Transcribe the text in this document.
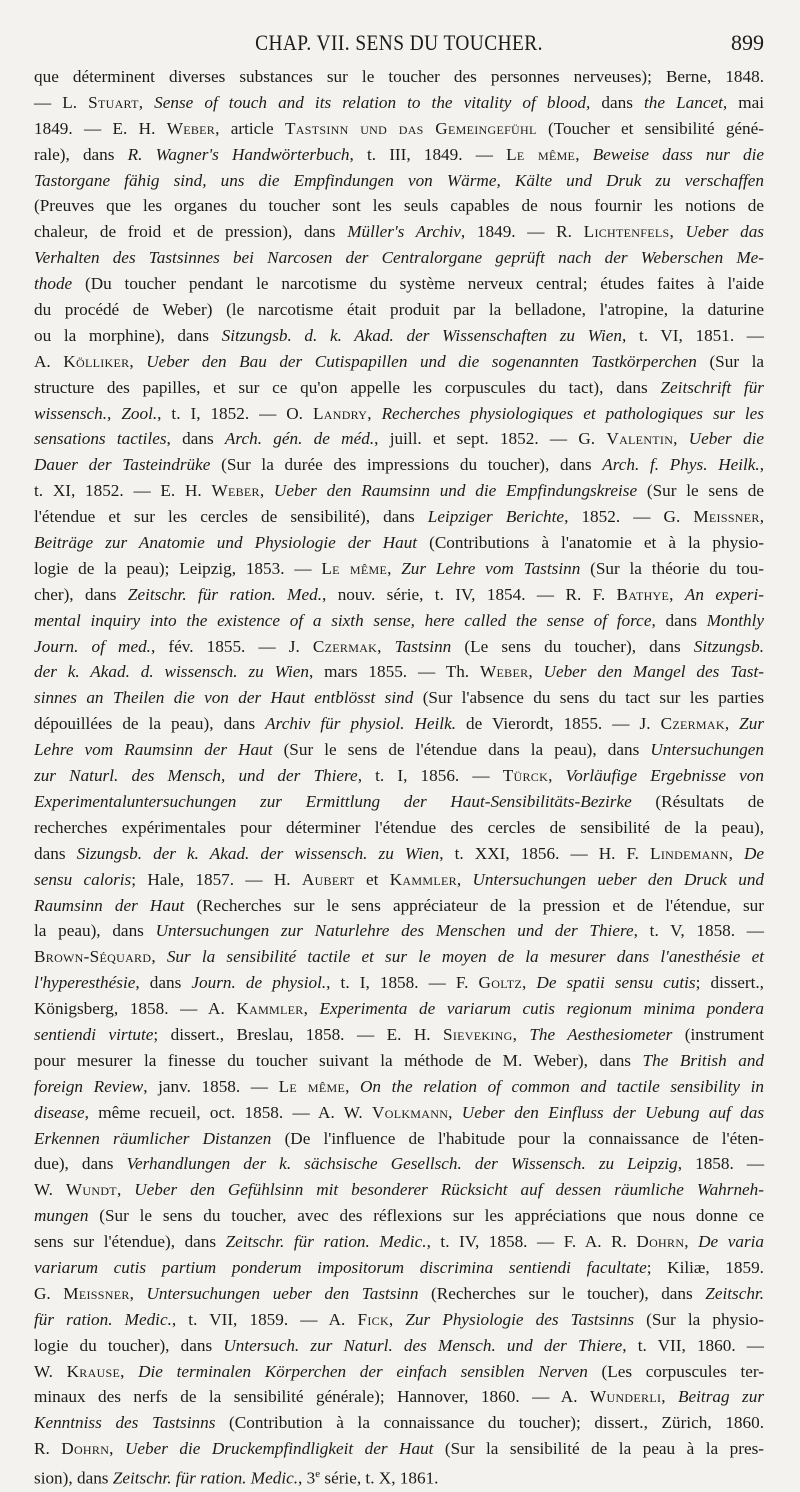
CHAP. VII. SENS DU TOUCHER.	899
que déterminent diverses substances sur le toucher des personnes nerveuses); Berne, 1848.
— L. Stuart, Sense of touch and its relation to the vitality of blood, dans the Lancet, mai
1849. — E. H. Weber, article Tastsinn und das Gemeingefühl (Toucher et sensibilité géné-
rale), dans R. Wagner's Handwörterbuch, t. III, 1849. — Le même, Beweise dass nur die
Tastorgane fähig sind, uns die Empfindungen von Wärme, Kälte und Druk zu verschaffen
(Preuves que les organes du toucher sont les seuls capables de nous fournir les notions de
chaleur, de froid et de pression), dans Müller's Archiv, 1849. — R. Lichtenfels, Ueber das
Verhalten des Tastsinnes bei Narcosen der Centralorgane geprüft nach der Weberschen Me-
thode (Du toucher pendant le narcotisme du système nerveux central; études faites à l'aide
du procédé de Weber) (le narcotisme était produit par la belladone, l'atropine, la daturine
ou la morphine), dans Sitzungsb. d. k. Akad. der Wissenschaften zu Wien, t. VI, 1851. —
A. Kölliker, Ueber den Bau der Cutispapillen und die sogenannten Tastkörperchen (Sur la
structure des papilles, et sur ce qu'on appelle les corpuscules du tact), dans Zeitschrift für
wissensch., Zool., t. I, 1852. — O. Landry, Recherches physiologiques et pathologiques sur les
sensations tactiles, dans Arch. gén. de méd., juill. et sept. 1852. — G. Valentin, Ueber die
Dauer der Tasteindrüke (Sur la durée des impressions du toucher), dans Arch. f. Phys. Heilk.,
t. XI, 1852. — E. H. Weber, Ueber den Raumsinn und die Empfindungskreise (Sur le sens de
l'étendue et sur les cercles de sensibilité), dans Leipziger Berichte, 1852. — G. Meissner,
Beiträge zur Anatomie und Physiologie der Haut (Contributions à l'anatomie et à la physio-
logie de la peau); Leipzig, 1853. — Le même, Zur Lehre vom Tastsinn (Sur la théorie du tou-
cher), dans Zeitschr. für ration. Med., nouv. série, t. IV, 1854. — R. F. Bathye, An experi-
mental inquiry into the existence of a sixth sense, here called the sense of force, dans Monthly
Journ. of med., fév. 1855. — J. Czermak, Tastsinn (Le sens du toucher), dans Sitzungsb.
der k. Akad. d. wissensch. zu Wien, mars 1855. — Th. Weber, Ueber den Mangel des Tast-
sinnes an Theilen die von der Haut entblösst sind (Sur l'absence du sens du tact sur les parties
dépouillées de la peau), dans Archiv für physiol. Heilk. de Vierordt, 1855. — J. Czermak, Zur
Lehre vom Raumsinn der Haut (Sur le sens de l'étendue dans la peau), dans Untersuchungen
zur Naturl. des Mensch, und der Thiere, t. I, 1856. — Türck, Vorläufige Ergebnisse von
Experimentaluntersuchungen zur Ermittlung der Haut-Sensibilitäts-Bezirke (Résultats de
recherches expérimentales pour déterminer l'étendue des cercles de sensibilité de la peau),
dans Sizungsb. der k. Akad. der wissensch. zu Wien, t. XXI, 1856. — H. F. Lindemann, De
sensu caloris; Hale, 1857. — H. Aubert et Kammler, Untersuchungen ueber den Druck und
Raumsinn der Haut (Recherches sur le sens appréciateur de la pression et de l'étendue, sur
la peau), dans Untersuchungen zur Naturlehre des Menschen und der Thiere, t. V, 1858. —
Brown-Séquard, Sur la sensibilité tactile et sur le moyen de la mesurer dans l'anesthésie et
l'hyperesthésie, dans Journ. de physiol., t. I, 1858. — F. Goltz, De spatii sensu cutis; dissert.,
Königsberg, 1858. — A. Kammler, Experimenta de variarum cutis regionum minima pondera
sentiendi virtute; dissert., Breslau, 1858. — E. H. Sieveking, The Aesthesiometer (instrument
pour mesurer la finesse du toucher suivant la méthode de M. Weber), dans The British and
foreign Review, janv. 1858. — Le même, On the relation of common and tactile sensibility in
disease, même recueil, oct. 1858. — A. W. Volkmann, Ueber den Einfluss der Uebung auf das
Erkennen räumlicher Distanzen (De l'influence de l'habitude pour la connaissance de l'éten-
due), dans Verhandlungen der k. sächsische Gesellsch. der Wissensch. zu Leipzig, 1858. —
W. Wundt, Ueber den Gefühlsinn mit besonderer Rücksicht auf dessen räumliche Wahrneh-
mungen (Sur le sens du toucher, avec des réflexions sur les appréciations que nous donne ce
sens sur l'étendue), dans Zeitschr. für ration. Medic., t. IV, 1858. — F. A. R. Dohrn, De varia
variarum cutis partium ponderum impositorum discrimina sentiendi facultate; Kiliæ, 1859.
G. Meissner, Untersuchungen ueber den Tastsinn (Recherches sur le toucher), dans Zeitschr.
für ration. Medic., t. VII, 1859. — A. Fick, Zur Physiologie des Tastsinns (Sur la physio-
logie du toucher), dans Untersuch. zur Naturl. des Mensch. und der Thiere, t. VII, 1860. —
W. Krause, Die terminalen Körperchen der einfach sensiblen Nerven (Les corpuscules ter-
minaux des nerfs de la sensibilité générale); Hannover, 1860. — A. Wunderli, Beitrag zur
Kenntniss des Tastsinns (Contribution à la connaissance du toucher); dissert., Zürich, 1860.
R. Dohrn, Ueber die Druckempfindligkeit der Haut (Sur la sensibilité de la peau à la pres-
sion), dans Zeitschr. für ration. Medic., 3e série, t. X, 1861.
